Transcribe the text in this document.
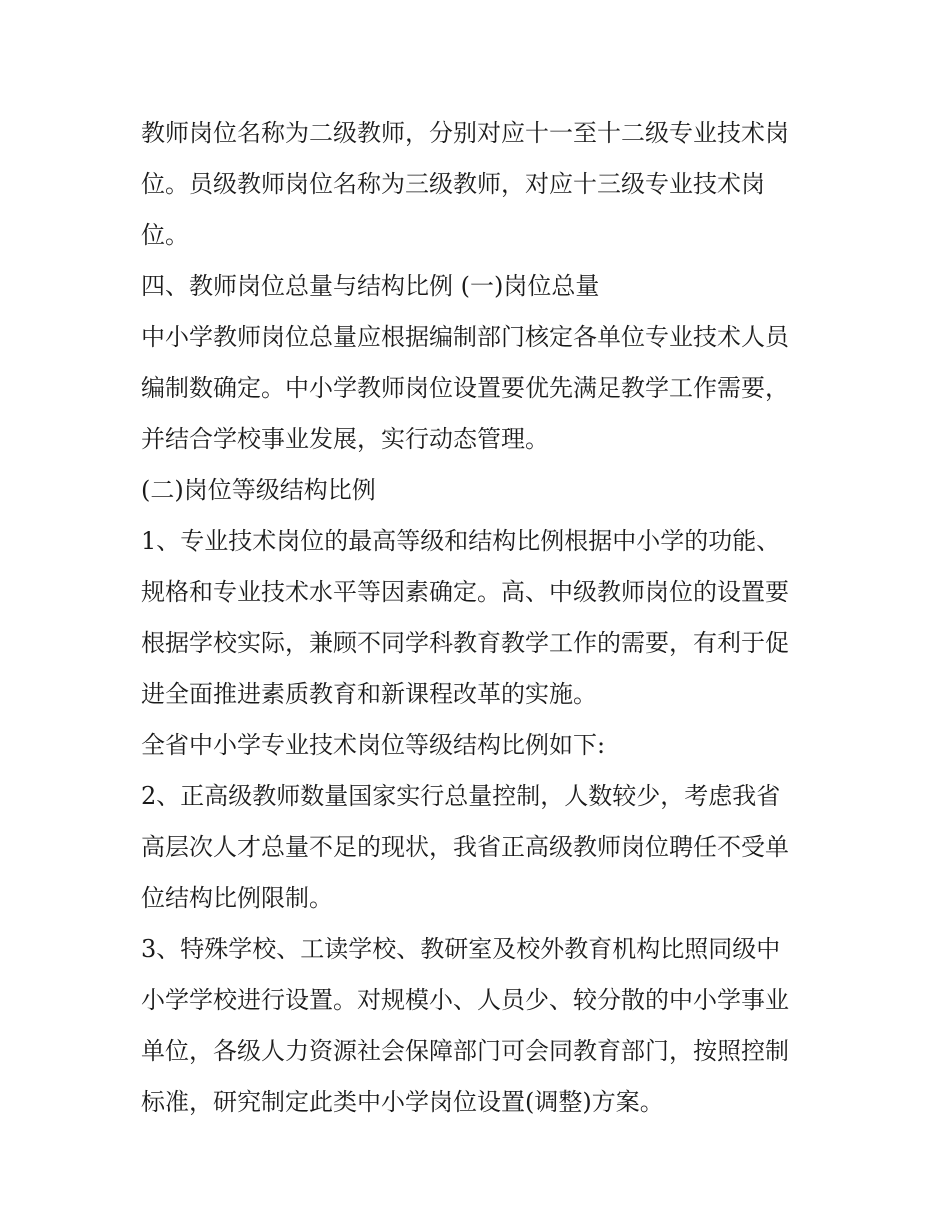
教师岗位名称为二级教师，分别对应十一至十二级专业技术岗
位。员级教师岗位名称为三级教师，对应十三级专业技术岗
位。
四、教师岗位总量与结构比例 (一)岗位总量
中小学教师岗位总量应根据编制部门核定各单位专业技术人员
编制数确定。中小学教师岗位设置要优先满足教学工作需要，
并结合学校事业发展，实行动态管理。
(二)岗位等级结构比例
1、专业技术岗位的最高等级和结构比例根据中小学的功能、
规格和专业技术水平等因素确定。高、中级教师岗位的设置要
根据学校实际，兼顾不同学科教育教学工作的需要，有利于促
进全面推进素质教育和新课程改革的实施。
全省中小学专业技术岗位等级结构比例如下:
2、正高级教师数量国家实行总量控制，人数较少，考虑我省
高层次人才总量不足的现状，我省正高级教师岗位聘任不受单
位结构比例限制。
3、特殊学校、工读学校、教研室及校外教育机构比照同级中
小学学校进行设置。对规模小、人员少、较分散的中小学事业
单位，各级人力资源社会保障部门可会同教育部门，按照控制
标准，研究制定此类中小学岗位设置(调整)方案。
